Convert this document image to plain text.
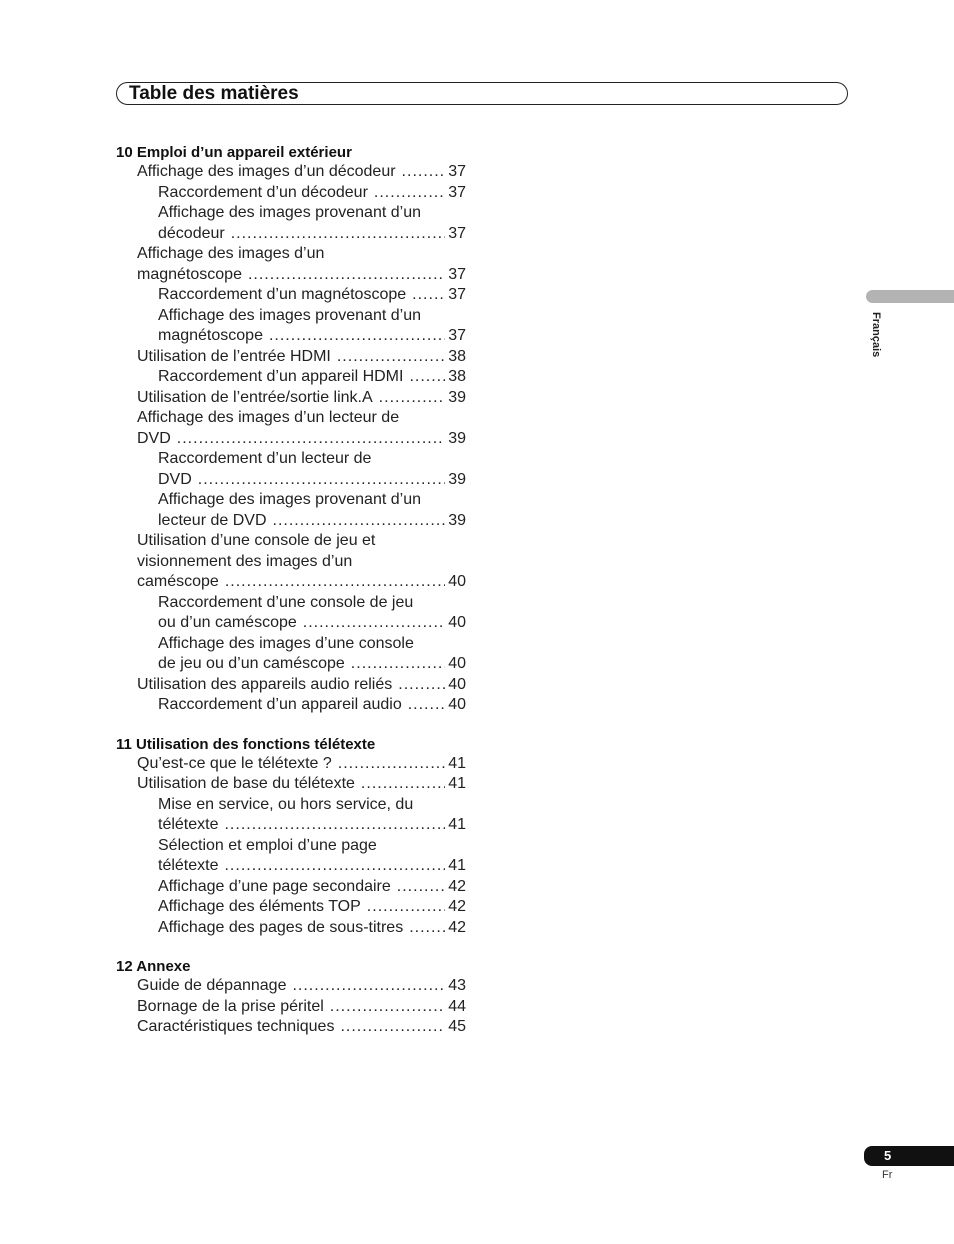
Table des matières
10 Emploi d’un appareil extérieur
Affichage des images d’un décodeur .....	37
Raccordement d’un décodeur .....	37
Affichage des images provenant d’un
décodeur .....	37
Affichage des images d’un
magnétoscope .....	37
Raccordement d’un magnétoscope .....	37
Affichage des images provenant d’un
magnétoscope .....	37
Utilisation de l’entrée HDMI .....	38
Raccordement d’un appareil HDMI .....	38
Utilisation de l’entrée/sortie link.A .....	39
Affichage des images d’un lecteur de
DVD .....	39
Raccordement d’un lecteur de
DVD .....	39
Affichage des images provenant d’un
lecteur de DVD .....	39
Utilisation d’une console de jeu et
visionnement des images d’un
caméscope .....	40
Raccordement d’une console de jeu
ou d’un caméscope .....	40
Affichage des images d’une console
de jeu ou d’un caméscope .....	40
Utilisation des appareils audio reliés .....	40
Raccordement d’un appareil audio .....	40
11 Utilisation des fonctions télétexte
Qu’est-ce que le télétexte ? .....	41
Utilisation de base du télétexte .....	41
Mise en service, ou hors service, du
télétexte .....	41
Sélection et emploi d’une page
télétexte .....	41
Affichage d’une page secondaire .....	42
Affichage des éléments TOP .....	42
Affichage des pages de sous-titres .....	42
12 Annexe
Guide de dépannage .....	43
Bornage de la prise péritel .....	44
Caractéristiques techniques .....	45
Français
5
Fr
